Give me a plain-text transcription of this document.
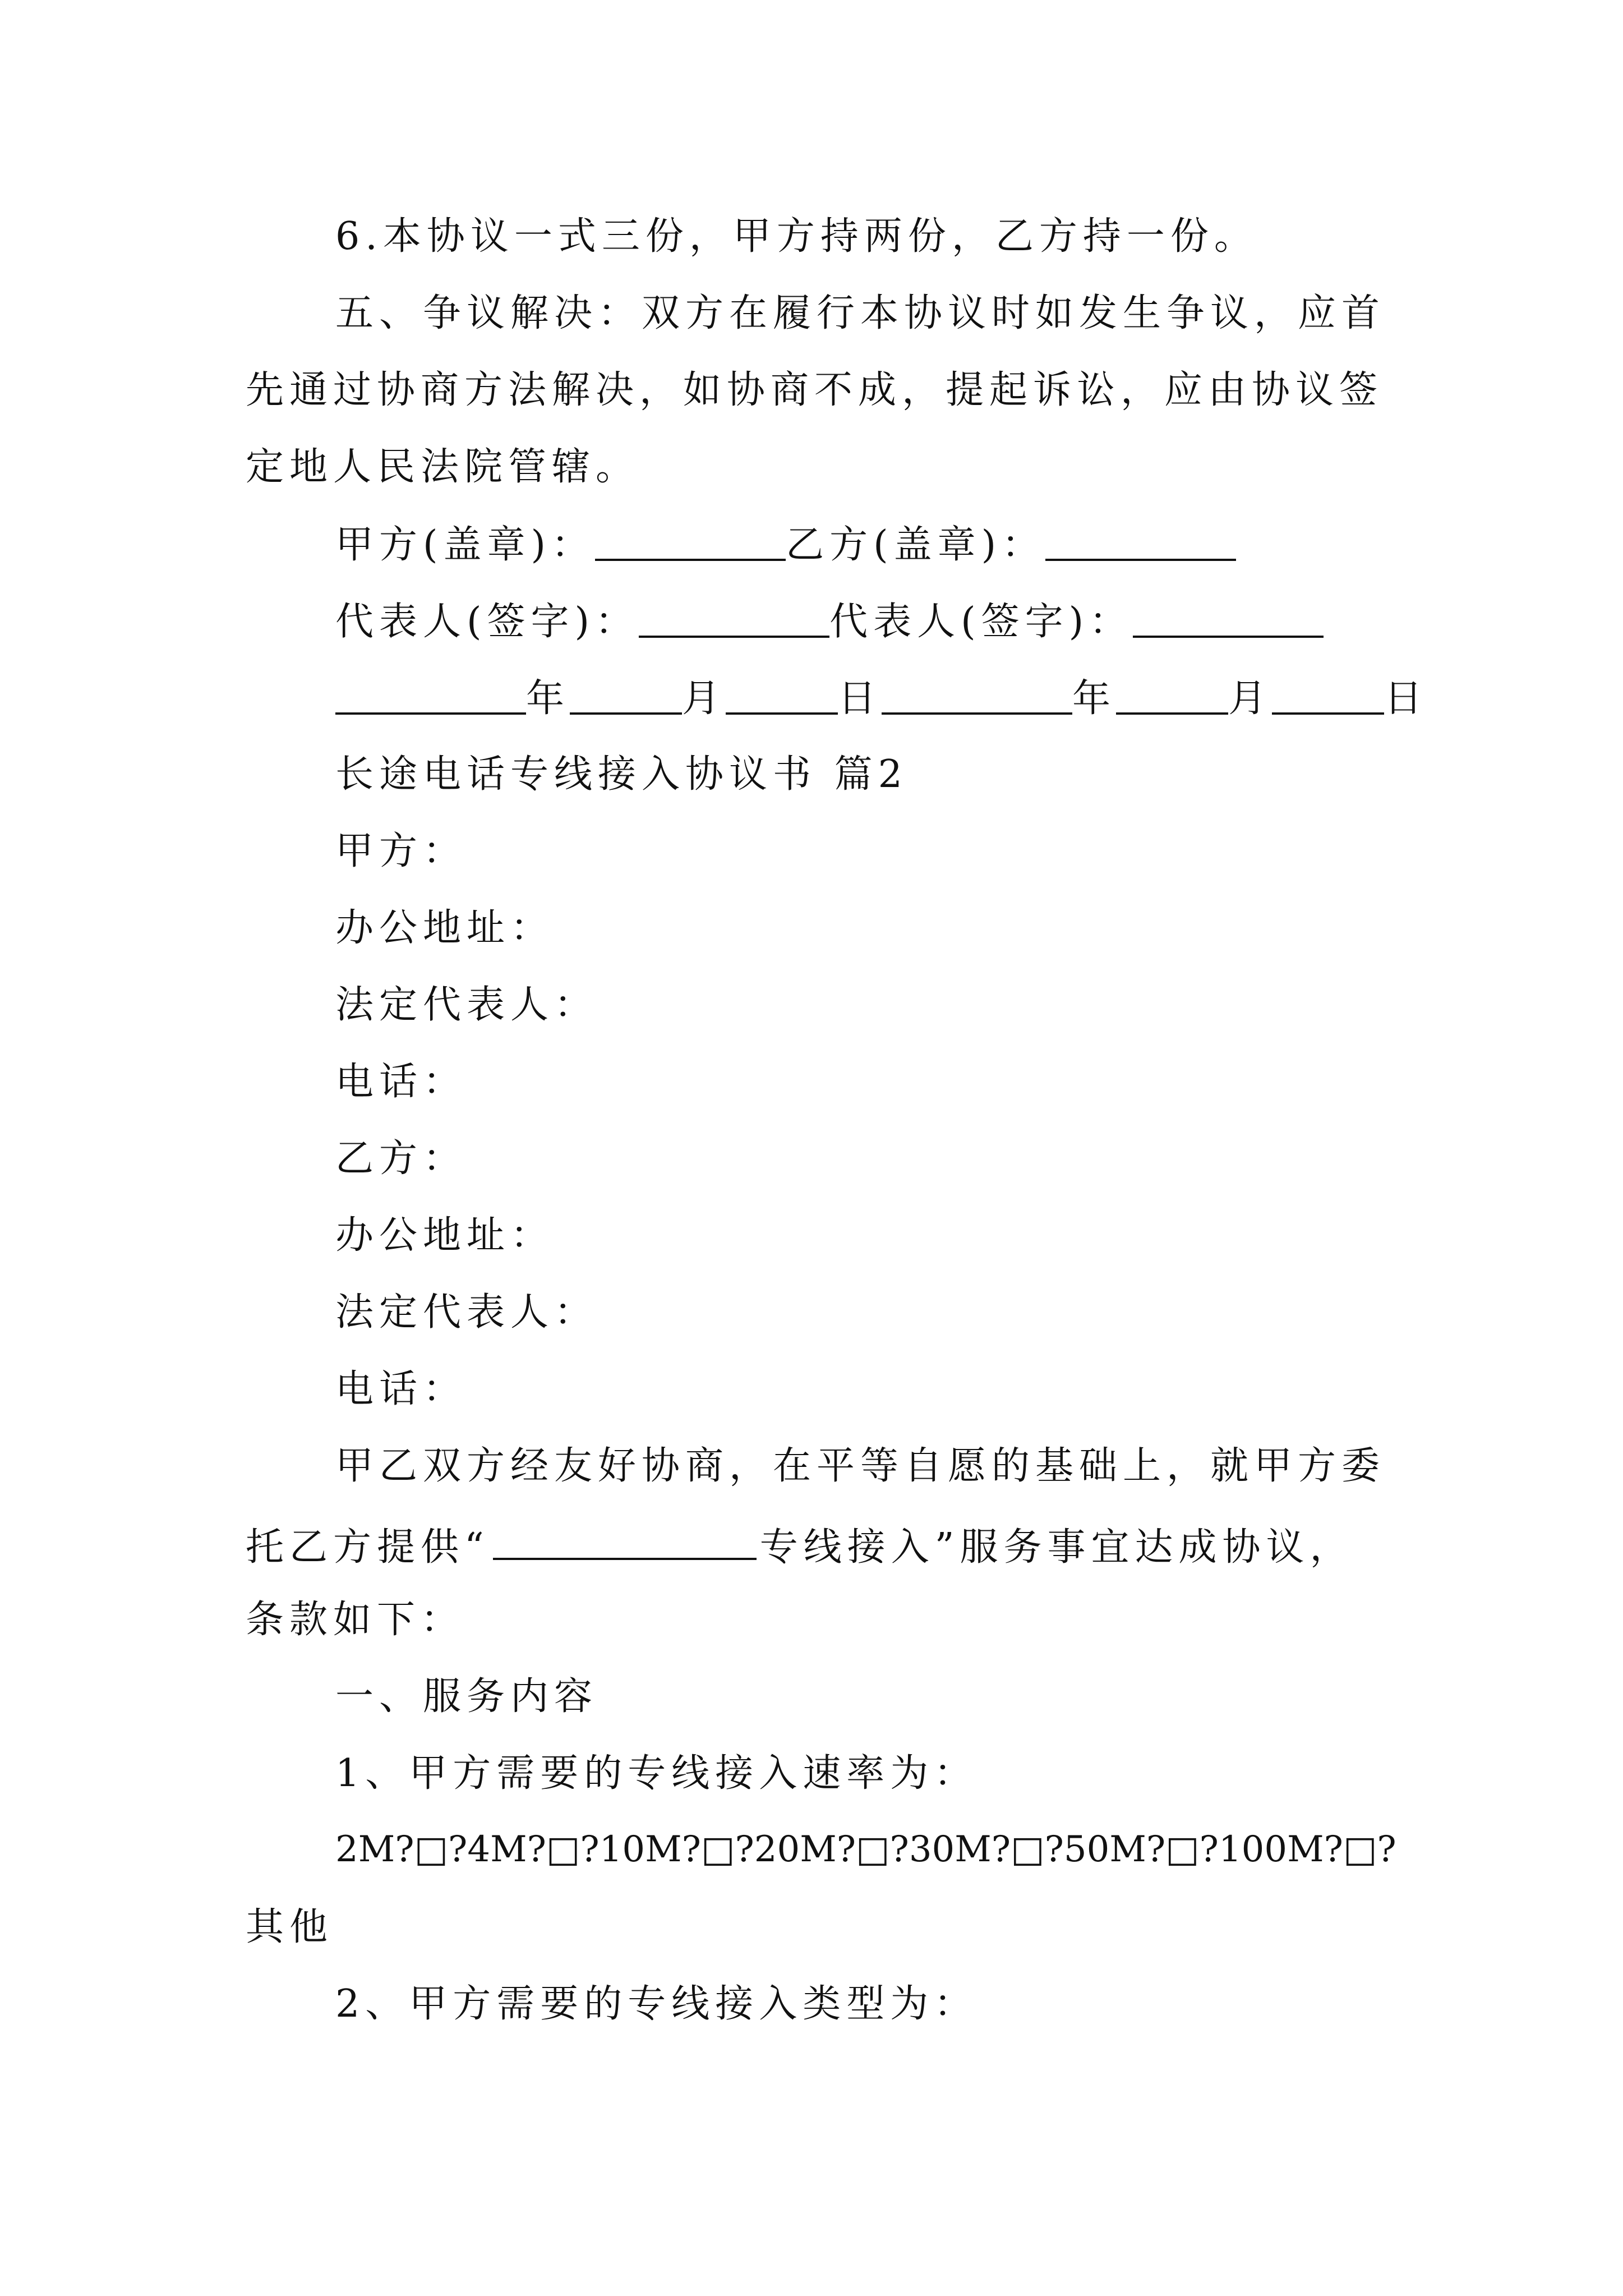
6.本协议一式三份，甲方持两份，乙方持一份。

五、争议解决：双方在履行本协议时如发生争议，应首

先通过协商方法解决，如协商不成，提起诉讼，应由协议签

定地人民法院管辖。

甲方(盖章)：	乙方(盖章)：
代表人(签字)：	代表人(签字)：
年	月	日	年	月	日

长途电话专线接入协议书 篇2

甲方：

办公地址：

法定代表人：

电话：

乙方：

办公地址：

法定代表人：

电话：

甲乙双方经友好协商，在平等自愿的基础上，就甲方委

托乙方提供“	专线接入”服务事宜达成协议，

条款如下：

一、服务内容

1、甲方需要的专线接入速率为：

2M?□?4M?□?10M?□?20M?□?30M?□?50M?□?100M?□?

其他

2、甲方需要的专线接入类型为：
